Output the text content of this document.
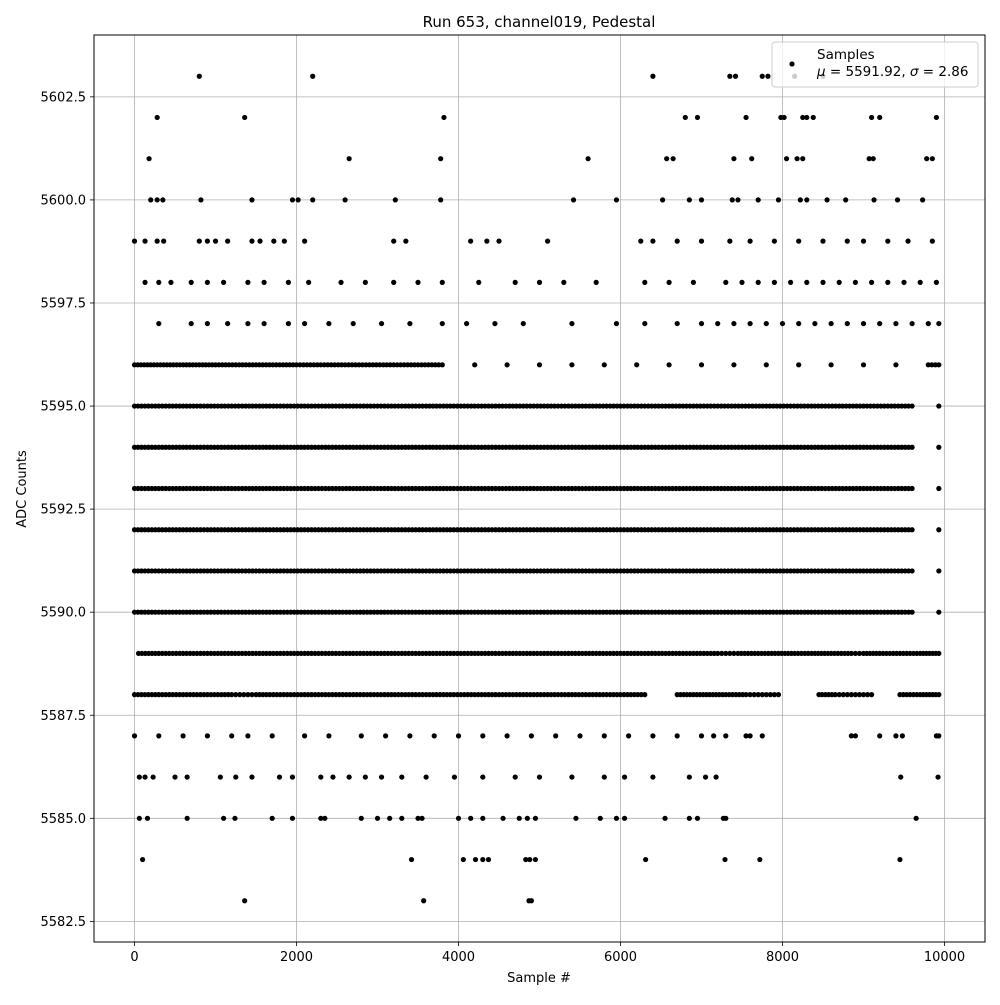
0	2000	4000	6000	8000	10000
5582.5
5585.0
5587.5
5590.0
5592.5
5595.0
5597.5
5600.0
5602.5
Run 653, channel019, Pedestal
Sample #
ADC Counts
Samples
μ = 5591.92, σ = 2.86
